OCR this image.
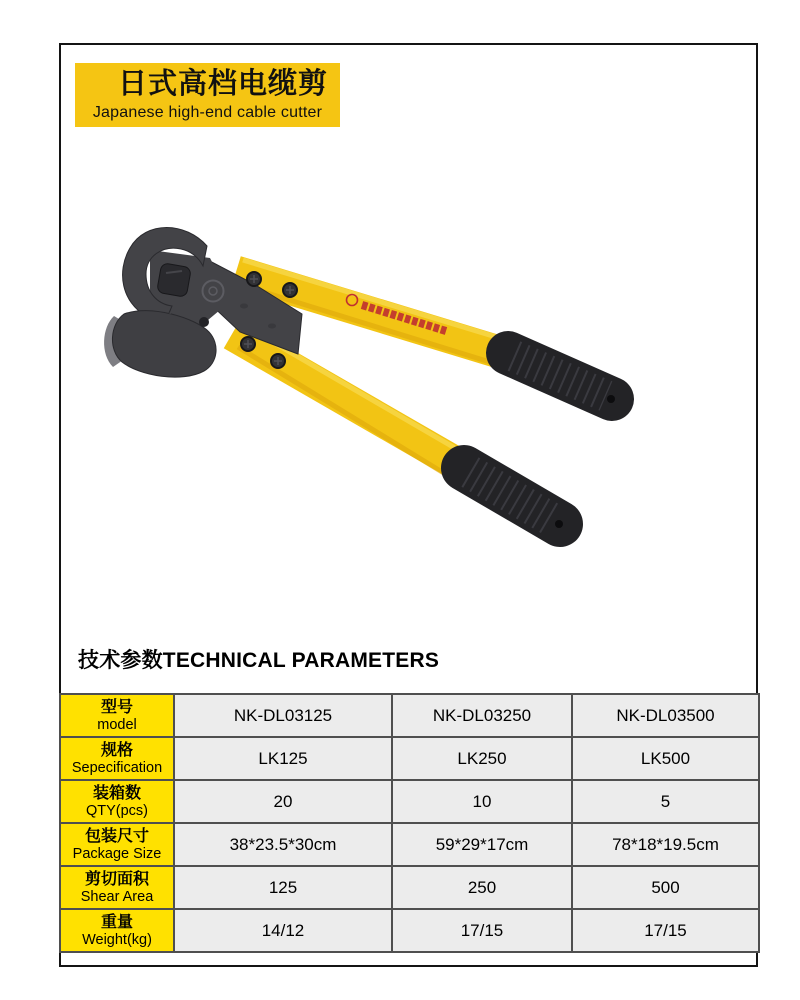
日式高档电缆剪
Japanese high-end cable cutter
技术参数TECHNICAL PARAMETERS
型号
model	NK-DL03125	NK-DL03250	NK-DL03500

规格
Sepecification	LK125	LK250	LK500

装箱数
QTY(pcs)	20	10	5

包装尺寸
Package Size	38*23.5*30cm	59*29*17cm	78*18*19.5cm

剪切面积
Shear Area	125	250	500

重量
Weight(kg)	14/12	17/15	17/15
